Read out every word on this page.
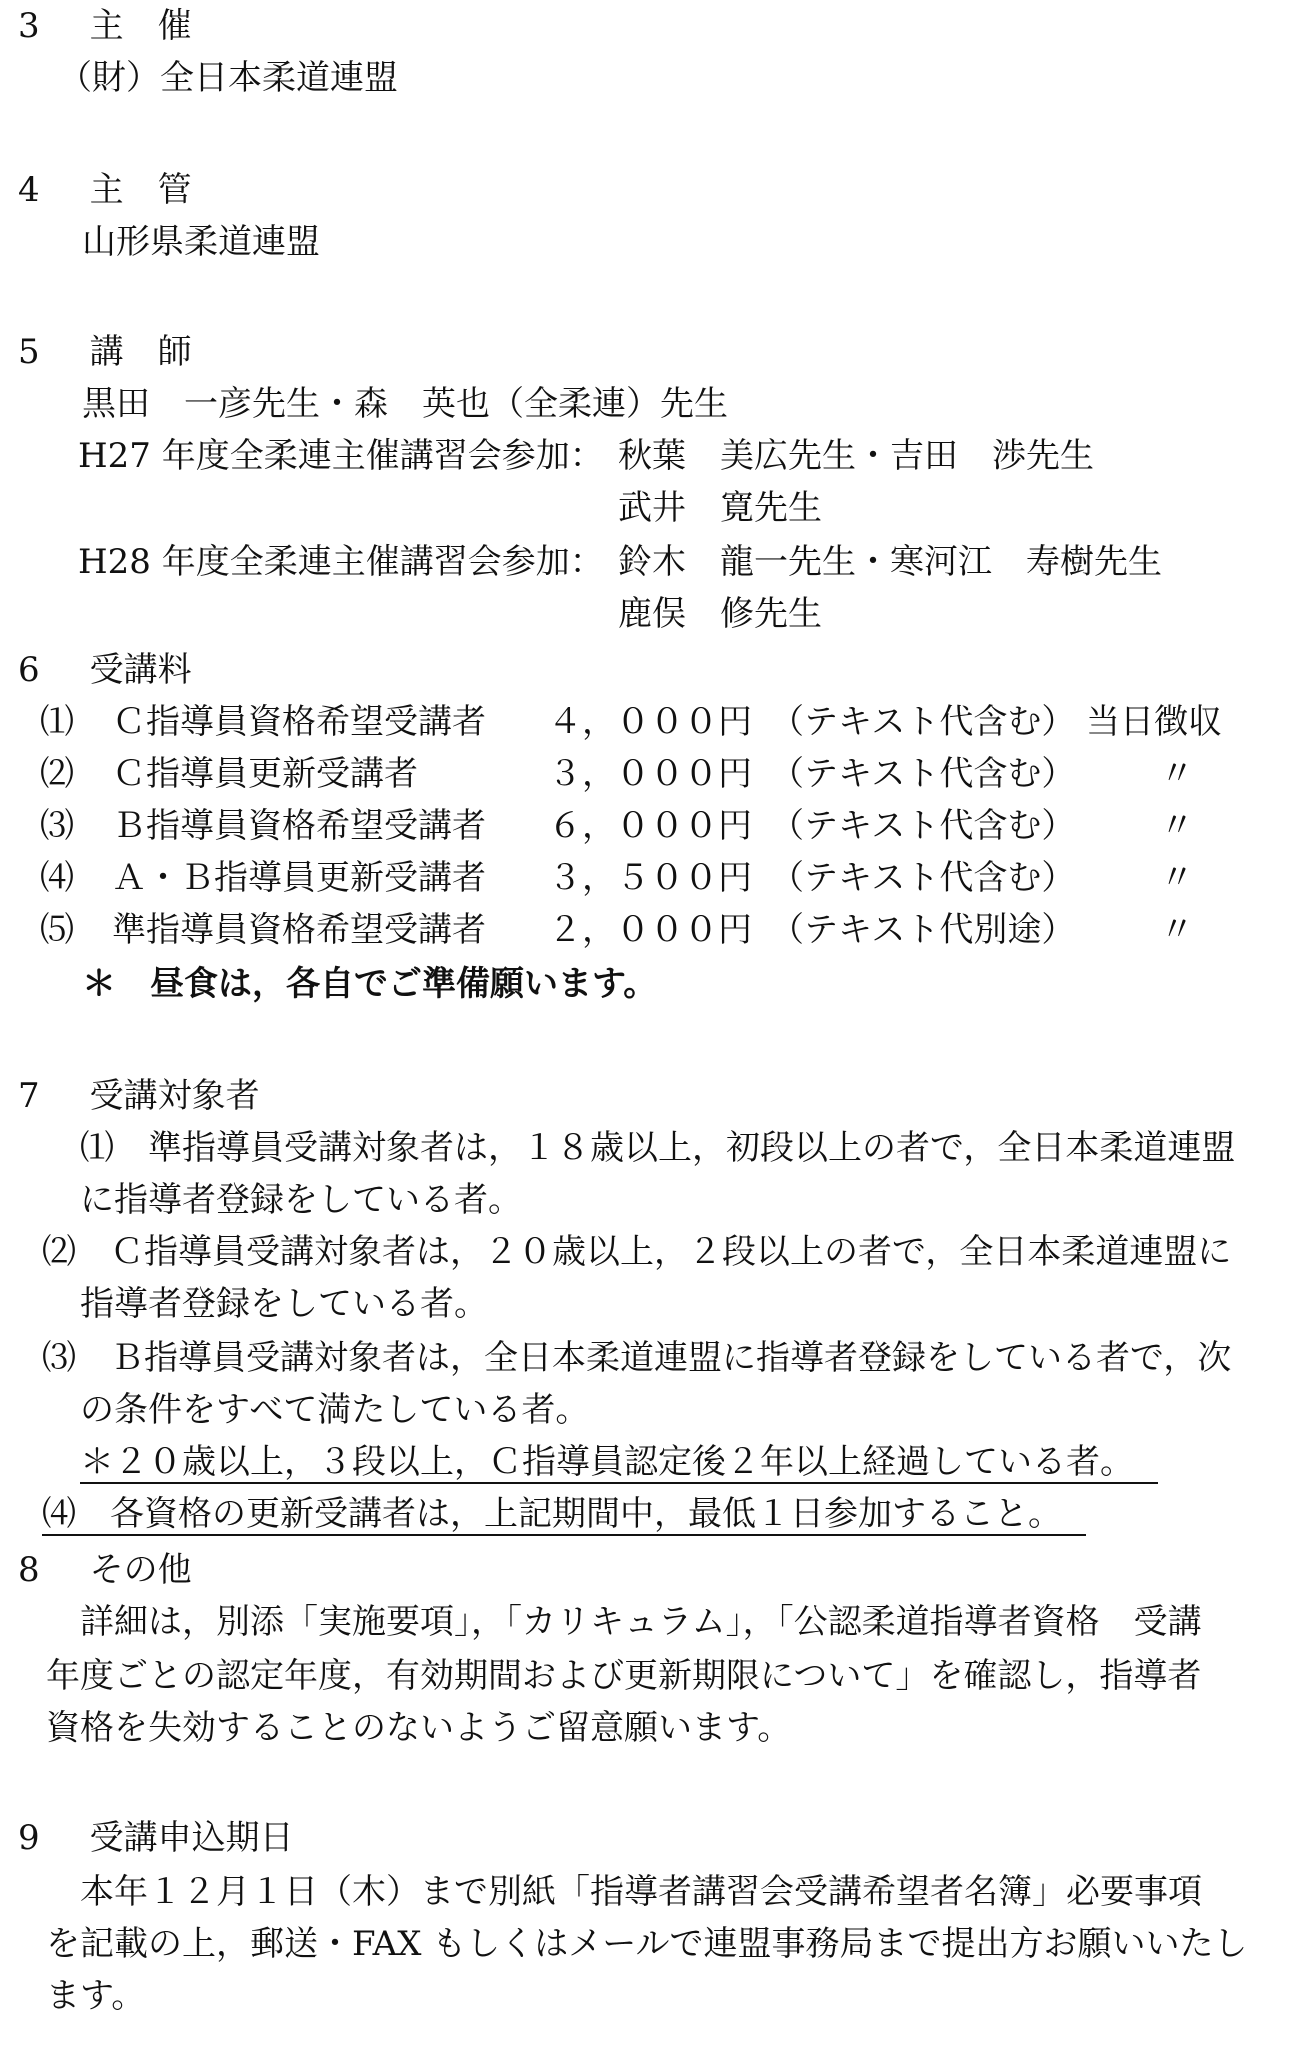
3 主　催
（財）全日本柔道連盟
4 主　管
山形県柔道連盟
5 講　師
黒田　一彦先生・森　英也（全柔連）先生
H27 年度全柔連主催講習会参加： 秋葉　美広先生・吉田　渉先生
武井　寛先生
H28 年度全柔連主催講習会参加： 鈴木　龍一先生・寒河江　寿樹先生
鹿俣　修先生
6 受講料
⑴ Ｃ指導員資格希望受講者 ４，０００円 （テキスト代含む） 当日徴収
⑵ Ｃ指導員更新受講者	３，０００円 （テキスト代含む） 〃
⑶ Ｂ指導員資格希望受講者 ６，０００円 （テキスト代含む） 〃
⑷ Ａ・Ｂ指導員更新受講者 ３，５００円 （テキスト代含む） 〃
⑸ 準指導員資格希望受講者 ２，０００円 （テキスト代別途） 〃
＊　昼食は，各自でご準備願います。
7 受講対象者
⑴　準指導員受講対象者は，１８歳以上，初段以上の者で，全日本柔道連盟
に指導者登録をしている者。
⑵　Ｃ指導員受講対象者は，２０歳以上，２段以上の者で，全日本柔道連盟に
指導者登録をしている者。
⑶　Ｂ指導員受講対象者は，全日本柔道連盟に指導者登録をしている者で，次
の条件をすべて満たしている者。
＊２０歳以上，３段以上，Ｃ指導員認定後２年以上経過している者。
⑷　各資格の更新受講者は，上記期間中，最低１日参加すること。
8 その他
詳細は，別添「実施要項」，「カリキュラム」，「公認柔道指導者資格　受講
年度ごとの認定年度，有効期間および更新期限について」を確認し，指導者
資格を失効することのないようご留意願います。
9 受講申込期日
本年１２月１日（木）まで別紙「指導者講習会受講希望者名簿」必要事項
を記載の上，郵送・FAX もしくはメールで連盟事務局まで提出方お願いいたし
ます。
